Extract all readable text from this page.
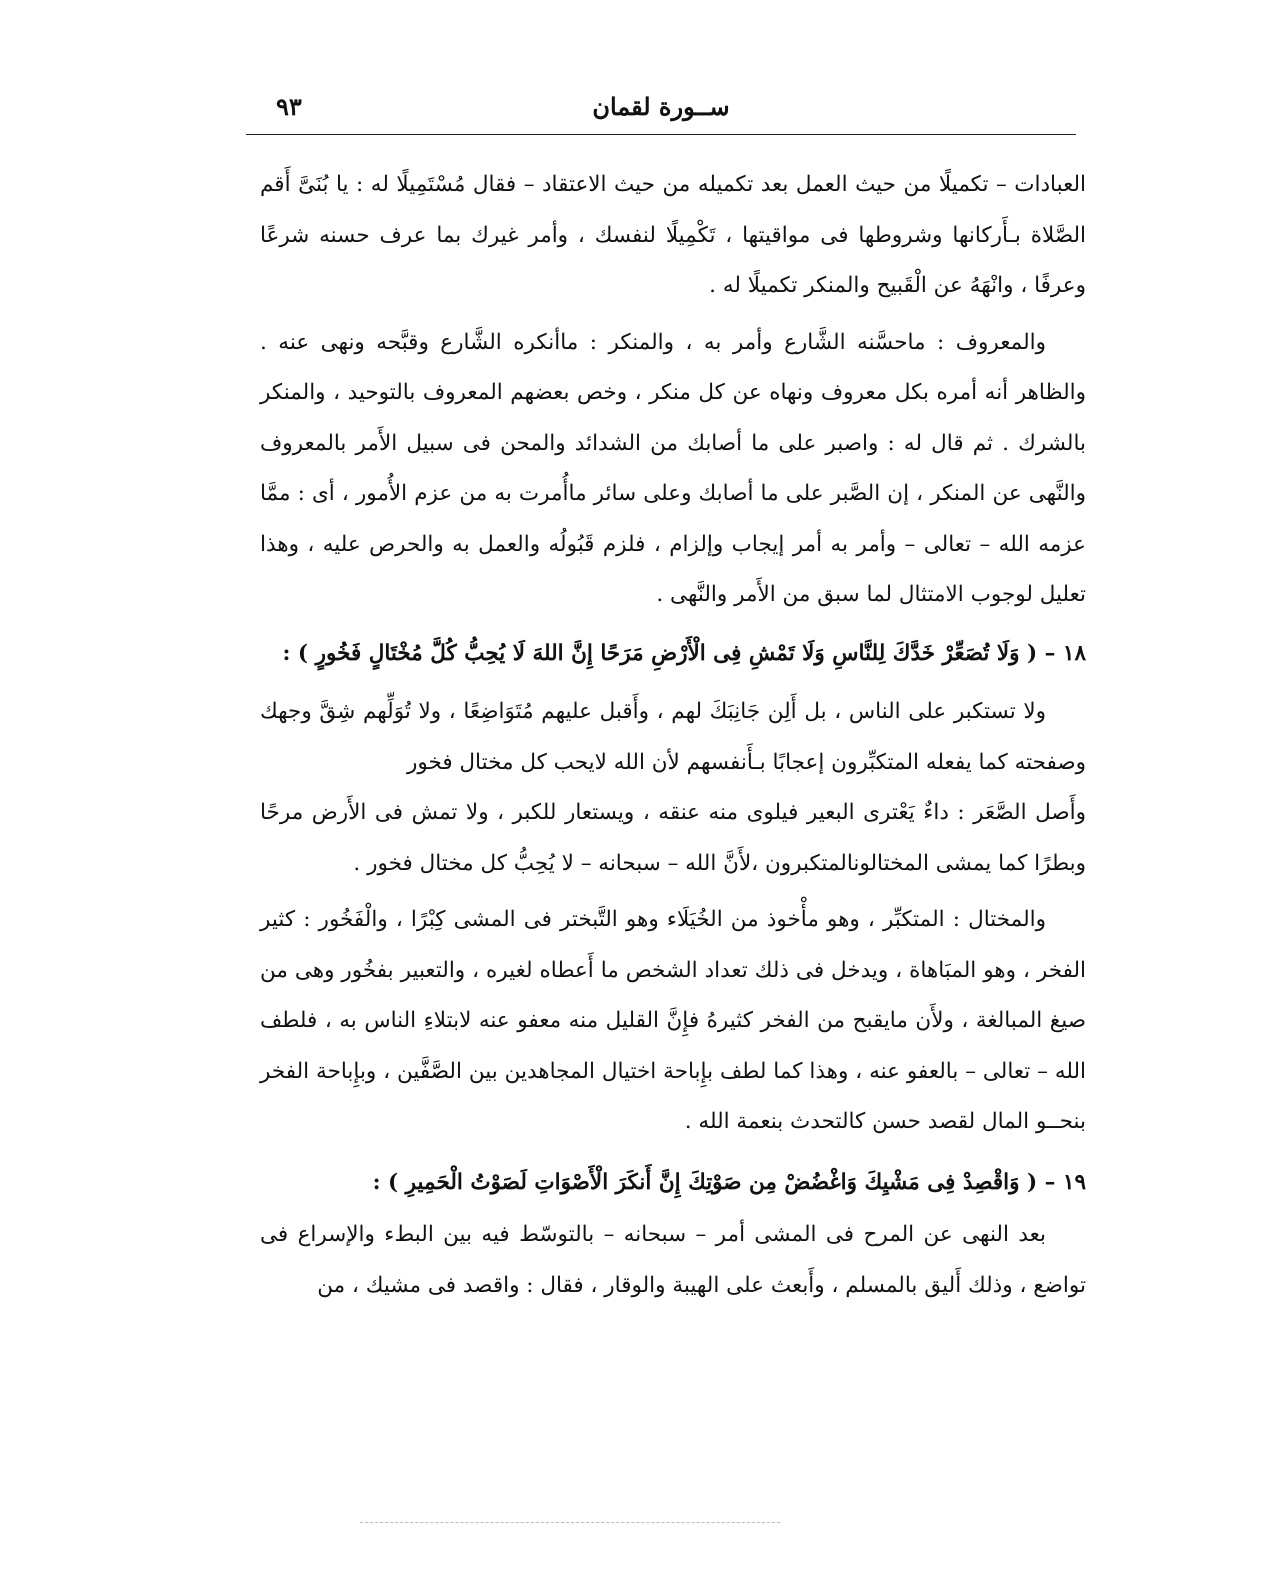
ســورة لقمان
٩٣

العبادات – تكميلًا من حيث العمل بعد تكميله من حيث الاعتقاد – فقال مُسْتَمِيلًا له : يا بُنَىَّ أَقم الصَّلاة بـأَركانها وشروطها فى مواقيتها ، تَكْمِيلًا لنفسك ، وأمر غيرك بما عرف حسنه شرعًا وعرفًا ، وانْهَهُ عن الْقَبيح والمنكر تكميلًا له .

والمعروف : ماحسَّنه الشَّارع وأمر به ، والمنكر : ماأنكره الشَّارع وقبَّحه ونهى عنه . والظاهر أنه أمره بكل معروف ونهاه عن كل منكر ، وخص بعضهم المعروف بالتوحيد ، والمنكر بالشرك . ثم قال له : واصبر على ما أصابك من الشدائد والمحن فى سبيل الأَمر بالمعروف والنَّهى عن المنكر ، إن الصَّبر على ما أصابك وعلى سائر ماأُمرت به من عزم الأُمور ، أى : ممَّا عزمه الله – تعالى – وأمر به أمر إيجاب وإلزام ، فلزم قَبُولُه والعمل به والحرص عليه ، وهذا تعليل لوجوب الامتثال لما سبق من الأَمر والنَّهى .

١٨ – ( وَلَا تُصَعِّرْ خَدَّكَ لِلنَّاسِ وَلَا تَمْشِ فِى الْأَرْضِ مَرَحًا إِنَّ اللهَ لَا يُحِبُّ كُلَّ مُخْتَالٍ فَخُورٍ ) :

ولا تستكبر على الناس ، بل أَلِن جَانِبَكَ لهم ، وأَقبل عليهم مُتَوَاضِعًا ، ولا تُوَلِّهم شِقَّ وجهك وصفحته كما يفعله المتكبِّرون إعجابًا بـأَنفسهم لأن الله لايحب كل مختال فخور

وأَصل الصَّعَر : داءٌ يَعْترى البعير فيلوى منه عنقه ، ويستعار للكبر ، ولا تمش فى الأَرض مرحًا وبطرًا كما يمشى المختالونالمتكبرون ،لأَنَّ الله – سبحانه – لا يُحِبُّ كل مختال فخور .

والمختال : المتكبِّر ، وهو مأْخوذ من الخُيَلَاء وهو التَّبختر فى المشى كِبْرًا ، والْفَخُور : كثير الفخر ، وهو المبَاهاة ، ويدخل فى ذلك تعداد الشخص ما أَعطاه لغيره ، والتعبير بفخُور وهى من صيغ المبالغة ، ولأَن مايقبح من الفخر كثيرهُ فإِنَّ القليل منه معفو عنه لابتلاءِ الناس به ، فلطف الله – تعالى – بالعفو عنه ، وهذا كما لطف بإِباحة اختيال المجاهدين بين الصَّفَّين ، وبإِباحة الفخر بنحــو المال لقصد حسن كالتحدث بنعمة الله .

١٩ – ( وَاقْصِدْ فِى مَشْيِكَ وَاغْضُضْ مِن صَوْتِكَ إِنَّ أَنكَرَ الْأَصْوَاتِ لَصَوْتُ الْحَمِيرِ ) :

بعد النهى عن المرح فى المشى أمر – سبحانه – بالتوسّط فيه بين البطء والإسراع فى تواضع ، وذلك أَليق بالمسلم ، وأَبعث على الهيبة والوقار ، فقال : واقصد فى مشيك ، من
